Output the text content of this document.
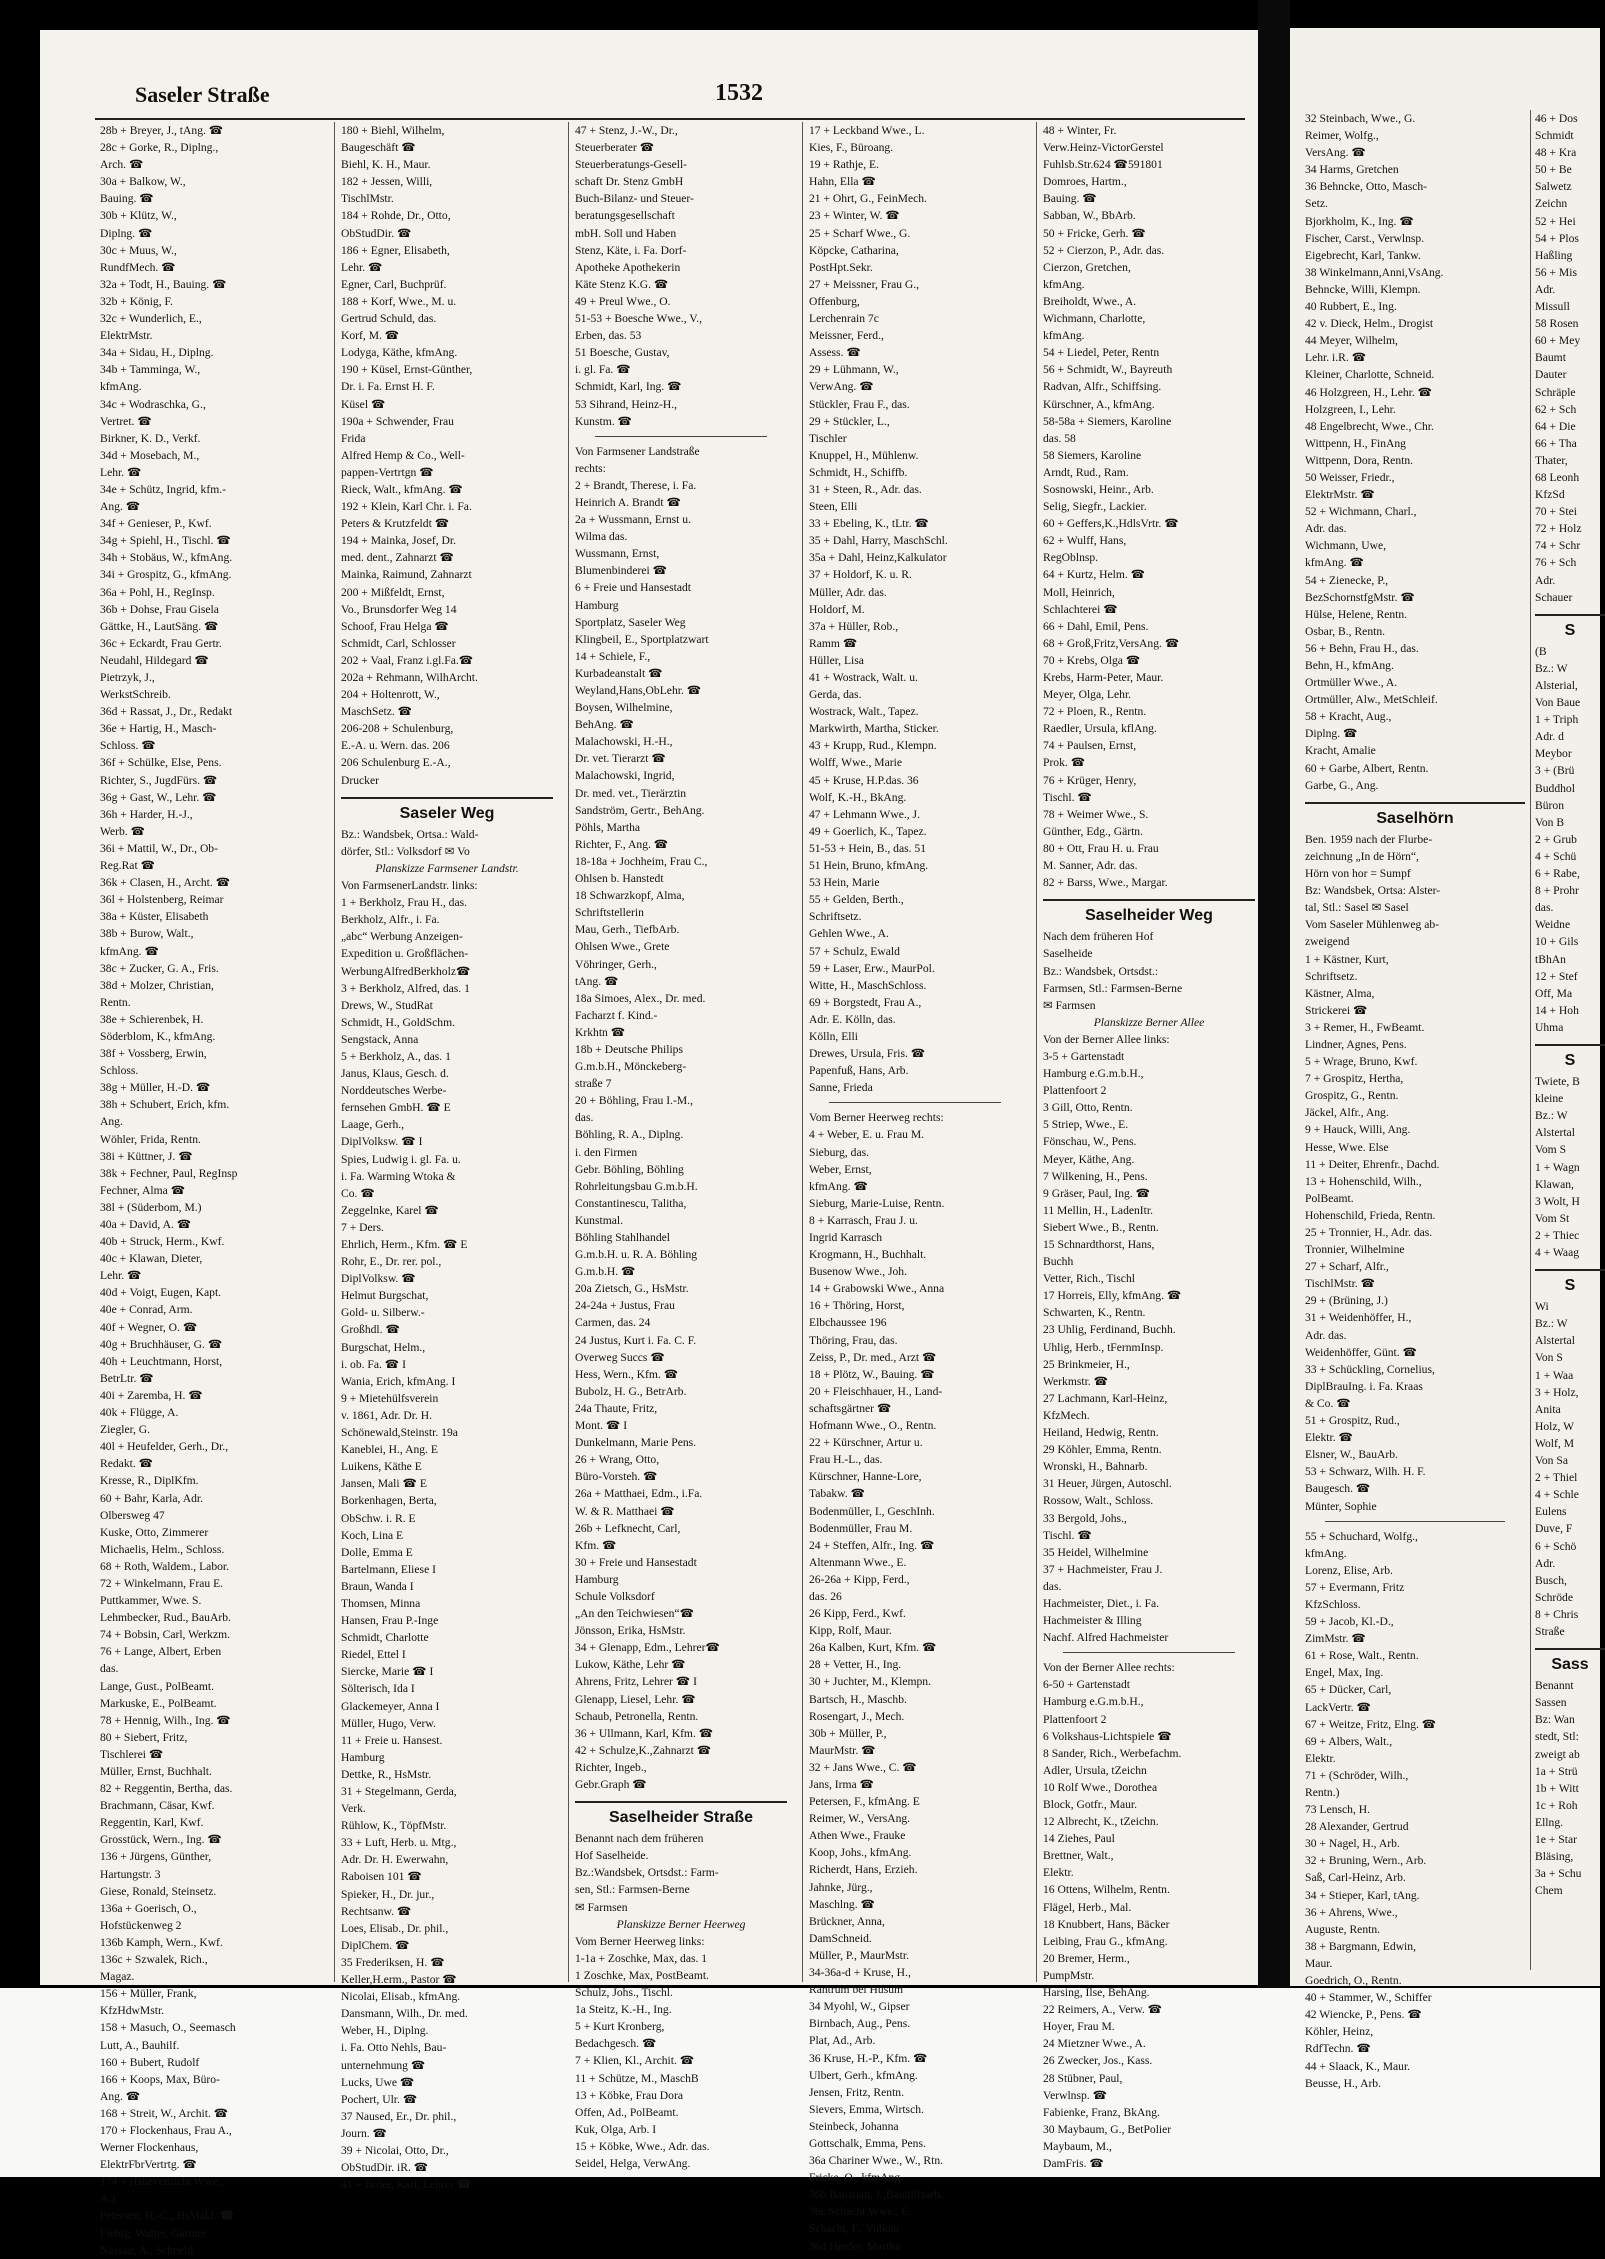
Saseler Straße	1532
28b + Breyer, J., tAng. ☎
28c + Gorke, R., Diplng.,
Arch. ☎
30a + Balkow, W.,
Bauing. ☎
30b + Klütz, W.,
Diplng. ☎
30c + Muus, W.,
RundfMech. ☎
32a + Todt, H., Bauing. ☎
32b + König, F.
32c + Wunderlich, E.,
ElektrMstr.
34a + Sidau, H., Diplng.
34b + Tamminga, W.,
kfmAng.
34c + Wodraschka, G.,
Vertret. ☎
Birkner, K. D., Verkf.
34d + Mosebach, M.,
Lehr. ☎
34e + Schütz, Ingrid, kfm.-
Ang. ☎
34f + Genieser, P., Kwf.
34g + Spiehl, H., Tischl. ☎
34h + Stobäus, W., kfmAng.
34i + Grospitz, G., kfmAng.
36a + Pohl, H., RegInsp.
36b + Dohse, Frau Gisela
Gättke, H., LautSäng. ☎
36c + Eckardt, Frau Gertr.
Neudahl, Hildegard ☎
Pietrzyk, J.,
WerkstSchreib.
36d + Rassat, J., Dr., Redakt
36e + Hartig, H., Masch-
Schloss. ☎
36f + Schülke, Else, Pens.
Richter, S., JugdFürs. ☎
36g + Gast, W., Lehr. ☎
36h + Harder, H.-J.,
Werb. ☎
36i + Mattil, W., Dr., Ob-
Reg.Rat ☎
36k + Clasen, H., Archt. ☎
36l + Holstenberg, Reimar
38a + Küster, Elisabeth
38b + Burow, Walt.,
kfmAng. ☎
38c + Zucker, G. A., Fris.
38d + Molzer, Christian,
Rentn.
38e + Schierenbek, H.
Söderblom, K., kfmAng.
38f + Vossberg, Erwin,
Schloss.
38g + Müller, H.-D. ☎
38h + Schubert, Erich, kfm.
Ang.
Wöhler, Frida, Rentn.
38i + Küttner, J. ☎
38k + Fechner, Paul, RegInsp
Fechner, Alma ☎
38l + (Süderbom, M.)
40a + David, A. ☎
40b + Struck, Herm., Kwf.
40c + Klawan, Dieter,
Lehr. ☎
40d + Voigt, Eugen, Kapt.
40e + Conrad, Arm.
40f + Wegner, O. ☎
40g + Bruchhäuser, G. ☎
40h + Leuchtmann, Horst,
BetrLtr. ☎
40i + Zaremba, H. ☎
40k + Flügge, A.
Ziegler, G.
40l + Heufelder, Gerh., Dr.,
Redakt. ☎
Kresse, R., DiplKfm.
60 + Bahr, Karla, Adr.
Olbersweg 47
Kuske, Otto, Zimmerer
Michaelis, Helm., Schloss.
68 + Roth, Waldem., Labor.
72 + Winkelmann, Frau E.
Puttkammer, Wwe. S.
Lehmbecker, Rud., BauArb.
74 + Bobsin, Carl, Werkzm.
76 + Lange, Albert, Erben
das.
Lange, Gust., PolBeamt.
Markuske, E., PolBeamt.
78 + Hennig, Wilh., Ing. ☎
80 + Siebert, Fritz,
Tischlerei ☎
Müller, Ernst, Buchhalt.
82 + Reggentin, Bertha, das.
Brachmann, Cäsar, Kwf.
Reggentin, Karl, Kwf.
Grosstück, Wern., Ing. ☎
136 + Jürgens, Günther,
Hartungstr. 3
Giese, Ronald, Steinsetz.
136a + Goerisch, O.,
Hofstückenweg 2
136b Kamph, Wern., Kwf.
136c + Szwalek, Rich.,
Magaz.
156 + Müller, Frank,
KfzHdwMstr.
158 + Masuch, O., Seemasch
Lutt, A., Bauhilf.
160 + Bubert, Rudolf
166 + Koops, Max, Büro-
Ang. ☎
168 + Streit, W., Archit. ☎
170 + Flockenhaus, Frau A.,
Werner Flockenhaus,
ElektrFbrVertrtg. ☎
174 + (Blievernicht Wwe.,
A.)
Petersen, H.-C., HsMakl. ☎
Fiebig, Walter, Gärtner
Nassau, A., Schneid.
180 + Biehl, Wilhelm,
Baugeschäft ☎
Biehl, K. H., Maur.
182 + Jessen, Willi,
TischlMstr.
184 + Rohde, Dr., Otto,
ObStudDir. ☎
186 + Egner, Elisabeth,
Lehr. ☎
Egner, Carl, Buchprüf.
188 + Korf, Wwe., M. u.
Gertrud Schuld, das.
Korf, M. ☎
Lodyga, Käthe, kfmAng.
190 + Küsel, Ernst-Günther,
Dr. i. Fa. Ernst H. F.
Küsel ☎
190a + Schwender, Frau
Frida
Alfred Hemp & Co., Well-
pappen-Vertrtgn ☎
Rieck, Walt., kfmAng. ☎
192 + Klein, Karl Chr. i. Fa.
Peters & Krutzfeldt ☎
194 + Mainka, Josef, Dr.
med. dent., Zahnarzt ☎
Mainka, Raimund, Zahnarzt
200 + Mißfeldt, Ernst,
Vo., Brunsdorfer Weg 14
Schoof, Frau Helga ☎
Schmidt, Carl, Schlosser
202 + Vaal, Franz i.gl.Fa.☎
202a + Rehmann, WilhArcht.
204 + Holtenrott, W.,
MaschSetz. ☎
206-208 + Schulenburg,
E.-A. u. Wern. das. 206
206 Schulenburg E.-A.,
Drucker
Saseler Weg
Bz.: Wandsbek, Ortsa.: Wald-
dörfer, Stl.: Volksdorf ✉ Vo
Planskizze Farmsener Landstr.
Von FarmsenerLandstr. links:
1 + Berkholz, Frau H., das.
Berkholz, Alfr., i. Fa.
„abc“ Werbung Anzeigen-
Expedition u. Großflächen-
WerbungAlfredBerkholz☎
3 + Berkholz, Alfred, das. 1
Drews, W., StudRat
Schmidt, H., GoldSchm.
Sengstack, Anna
5 + Berkholz, A., das. 1
Janus, Klaus, Gesch. d.
Norddeutsches Werbe-
fernsehen GmbH. ☎ E
Laage, Gerh.,
DiplVolksw. ☎ I
Spies, Ludwig i. gl. Fa. u.
i. Fa. Warming Wtoka &
Co. ☎
Zeggelnke, Karel ☎
7 + Ders.
Ehrlich, Herm., Kfm. ☎ E
Rohr, E., Dr. rer. pol.,
DiplVolksw. ☎
Helmut Burgschat,
Gold- u. Silberw.-
Großhdl. ☎
Burgschat, Helm.,
i. ob. Fa. ☎ I
Wania, Erich, kfmAng. I
9 + Mietehülfsverein
v. 1861, Adr. Dr. H.
Schönewald,Steinstr. 19a
Kaneblei, H., Ang. E
Luikens, Käthe E
Jansen, Mali ☎ E
Borkenhagen, Berta,
ObSchw. i. R. E
Koch, Lina E
Dolle, Emma E
Bartelmann, Eliese I
Braun, Wanda I
Thomsen, Minna
Hansen, Frau P.-Inge
Schmidt, Charlotte
Riedel, Ettel I
Siercke, Marie ☎ I
Sölterisch, Ida I
Glackemeyer, Anna I
Müller, Hugo, Verw.
11 + Freie u. Hansest.
Hamburg
Dettke, R., HsMstr.
31 + Stegelmann, Gerda,
Verk.
Rühlow, K., TöpfMstr.
33 + Luft, Herb. u. Mtg.,
Adr. Dr. H. Ewerwahn,
Raboisen 101 ☎
Spieker, H., Dr. jur.,
Rechtsanw. ☎
Loes, Elisab., Dr. phil.,
DiplChem. ☎
35 Frederiksen, H. ☎
Keller,H.erm., Pastor ☎
Nicolai, Elisab., kfmAng.
Dansmann, Wilh., Dr. med.
Weber, H., Diplng.
i. Fa. Otto Nehls, Bau-
unternehmung ☎
Lucks, Uwe ☎
Pochert, Ulr. ☎
37 Naused, Er., Dr. phil.,
Journ. ☎
39 + Nicolai, Otto, Dr.,
ObStudDir. iR. ☎
41 + Bröer, Karl, Lehrer ☎
47 + Stenz, J.-W., Dr.,
Steuerberater ☎
Steuerberatungs-Gesell-
schaft Dr. Stenz GmbH
Buch-Bilanz- und Steuer-
beratungsgesellschaft
mbH. Soll und Haben
Stenz, Käte, i. Fa. Dorf-
Apotheke Apothekerin
Käte Stenz K.G. ☎
49 + Preul Wwe., O.
51-53 + Boesche Wwe., V.,
Erben, das. 53
51 Boesche, Gustav,
i. gl. Fa. ☎
Schmidt, Karl, Ing. ☎
53 Sihrand, Heinz-H.,
Kunstm. ☎
Von Farmsener Landstraße
rechts:
2 + Brandt, Therese, i. Fa.
Heinrich A. Brandt ☎
2a + Wussmann, Ernst u.
Wilma das.
Wussmann, Ernst,
Blumenbinderei ☎
6 + Freie und Hansestadt
Hamburg
Sportplatz, Saseler Weg
Klingbeil, E., Sportplatzwart
14 + Schiele, F.,
Kurbadeanstalt ☎
Weyland,Hans,ObLehr. ☎
Boysen, Wilhelmine,
BehAng. ☎
Malachowski, H.-H.,
Dr. vet. Tierarzt ☎
Malachowski, Ingrid,
Dr. med. vet., Tierärztin
Sandström, Gertr., BehAng.
Pöhls, Martha
Richter, F., Ang. ☎
18-18a + Jochheim, Frau C.,
Ohlsen b. Hanstedt
18 Schwarzkopf, Alma,
Schriftstellerin
Mau, Gerh., TiefbArb.
Ohlsen Wwe., Grete
Vöhringer, Gerh.,
tAng. ☎
18a Simoes, Alex., Dr. med.
Facharzt f. Kind.-
Krkhtn ☎
18b + Deutsche Philips
G.m.b.H., Mönckeberg-
straße 7
20 + Böhling, Frau I.-M.,
das.
Böhling, R. A., Diplng.
i. den Firmen
Gebr. Böhling, Böhling
Rohrleitungsbau G.m.b.H.
Constantinescu, Talitha,
Kunstmal.
Böhling Stahlhandel
G.m.b.H. u. R. A. Böhling
G.m.b.H. ☎
20a Zietsch, G., HsMstr.
24-24a + Justus, Frau
Carmen, das. 24
24 Justus, Kurt i. Fa. C. F.
Overweg Succs ☎
Hess, Wern., Kfm. ☎
Bubolz, H. G., BetrArb.
24a Thaute, Fritz,
Mont. ☎ I
Dunkelmann, Marie Pens.
26 + Wrang, Otto,
Büro-Vorsteh. ☎
26a + Matthaei, Edm., i.Fa.
W. & R. Matthaei ☎
26b + Lefknecht, Carl,
Kfm. ☎
30 + Freie und Hansestadt
Hamburg
Schule Volksdorf
„An den Teichwiesen“☎
Jönsson, Erika, HsMstr.
34 + Glenapp, Edm., Lehrer☎
Lukow, Käthe, Lehr ☎
Ahrens, Fritz, Lehrer ☎ I
Glenapp, Liesel, Lehr. ☎
Schaub, Petronella, Rentn.
36 + Ullmann, Karl, Kfm. ☎
42 + Schulze,K.,Zahnarzt ☎
Richter, Ingeb.,
Gebr.Graph ☎
Saselheider Straße
Benannt nach dem früheren
Hof Saselheide.
Bz.:Wandsbek, Ortsdst.: Farm-
sen, Stl.: Farmsen-Berne
✉ Farmsen
Planskizze Berner Heerweg
Vom Berner Heerweg links:
1-1a + Zoschke, Max, das. 1
1 Zoschke, Max, PostBeamt.
Schulz, Johs., Tischl.
1a Steitz, K.-H., Ing.
5 + Kurt Kronberg,
Bedachgesch. ☎
7 + Klien, Kl., Archit. ☎
11 + Schütze, M., MaschB
13 + Köbke, Frau Dora
Offen, Ad., PolBeamt.
Kuk, Olga, Arb. I
15 + Köbke, Wwe., Adr. das.
Seidel, Helga, VerwAng.
17 + Leckband Wwe., L.
Kies, F., Büroang.
19 + Rathje, E.
Hahn, Ella ☎
21 + Ohrt, G., FeinMech.
23 + Winter, W. ☎
25 + Scharf Wwe., G.
Köpcke, Catharina,
PostHpt.Sekr.
27 + Meissner, Frau G.,
Offenburg,
Lerchenrain 7c
Meissner, Ferd.,
Assess. ☎
29 + Lühmann, W.,
VerwAng. ☎
Stückler, Frau F., das.
29 + Stückler, L.,
Tischler
Knuppel, H., Mühlenw.
Schmidt, H., Schiffb.
31 + Steen, R., Adr. das.
Steen, Elli
33 + Ebeling, K., tLtr. ☎
35 + Dahl, Harry, MaschSchl.
35a + Dahl, Heinz,Kalkulator
37 + Holdorf, K. u. R.
Müller, Adr. das.
Holdorf, M.
37a + Hüller, Rob.,
Ramm ☎
Hüller, Lisa
41 + Wostrack, Walt. u.
Gerda, das.
Wostrack, Walt., Tapez.
Markwirth, Martha, Sticker.
43 + Krupp, Rud., Klempn.
Wolff, Wwe., Marie
45 + Kruse, H.P.das. 36
Wolf, K.-H., BkAng.
47 + Lehmann Wwe., J.
49 + Goerlich, K., Tapez.
51-53 + Hein, B., das. 51
51 Hein, Bruno, kfmAng.
53 Hein, Marie
55 + Gelden, Berth.,
Schriftsetz.
Gehlen Wwe., A.
57 + Schulz, Ewald
59 + Laser, Erw., MaurPol.
Witte, H., MaschSchloss.
69 + Borgstedt, Frau A.,
Adr. E. Kölln, das.
Kölln, Elli
Drewes, Ursula, Fris. ☎
Papenfuß, Hans, Arb.
Sanne, Frieda
Vom Berner Heerweg rechts:
4 + Weber, E. u. Frau M.
Sieburg, das.
Weber, Ernst,
kfmAng. ☎
Sieburg, Marie-Luise, Rentn.
8 + Karrasch, Frau J. u.
Ingrid Karrasch
Krogmann, H., Buchhalt.
Busenow Wwe., Joh.
14 + Grabowski Wwe., Anna
16 + Thöring, Horst,
Elbchaussee 196
Thöring, Frau, das.
Zeiss, P., Dr. med., Arzt ☎
18 + Plötz, W., Bauing. ☎
20 + Fleischhauer, H., Land-
schaftsgärtner ☎
Hofmann Wwe., O., Rentn.
22 + Kürschner, Artur u.
Frau H.-L., das.
Kürschner, Hanne-Lore,
Tabakw. ☎
Bodenmüller, I., GeschInh.
Bodenmüller, Frau M.
24 + Steffen, Alfr., Ing. ☎
Altenmann Wwe., E.
26-26a + Kipp, Ferd.,
das. 26
26 Kipp, Ferd., Kwf.
Kipp, Rolf, Maur.
26a Kalben, Kurt, Kfm. ☎
28 + Vetter, H., Ing.
30 + Juchter, M., Klempn.
Bartsch, H., Maschb.
Rosengart, J., Mech.
30b + Müller, P.,
MaurMstr. ☎
32 + Jans Wwe., C. ☎
Jans, Irma ☎
Petersen, F., kfmAng. E
Reimer, W., VersAng.
Athen Wwe., Frauke
Koop, Johs., kfmAng.
Richerdt, Hans, Erzieh.
Jahnke, Jürg.,
Maschlng. ☎
Brückner, Anna,
DamSchneid.
Müller, P., MaurMstr.
34-36a-d + Kruse, H.,
Rantrum bei Husum
34 Myohl, W., Gipser
Birnbach, Aug., Pens.
Plat, Ad., Arb.
36 Kruse, H.-P., Kfm. ☎
Ulbert, Gerh., kfmAng.
Jensen, Fritz, Rentn.
Sievers, Emma, Wirtsch.
Steinbeck, Johanna
Gottschalk, Emma, Pens.
36a Chariner Wwe., W., Rtn.
Fricke, O., kfmAng.
36b Baustian, J.,Bauhilfsarb.
36c Schacht Wwe., E.
Schacht, F., Vulkan
36d Herder, Martha
48 + Winter, Fr.
Verw.Heinz-VictorGerstel
Fuhlsb.Str.624 ☎591801
Domroes, Hartm.,
Bauing. ☎
Sabban, W., BbArb.
50 + Fricke, Gerh. ☎
52 + Cierzon, P., Adr. das.
Cierzon, Gretchen,
kfmAng.
Breiholdt, Wwe., A.
Wichmann, Charlotte,
kfmAng.
54 + Liedel, Peter, Rentn
56 + Schmidt, W., Bayreuth
Radvan, Alfr., Schiffsing.
Kürschner, A., kfmAng.
58-58a + Siemers, Karoline
das. 58
58 Siemers, Karoline
Arndt, Rud., Ram.
Sosnowski, Heinr., Arb.
Selig, Siegfr., Lackier.
60 + Geffers,K.,HdlsVrtr. ☎
62 + Wulff, Hans,
RegOblnsp.
64 + Kurtz, Helm. ☎
Moll, Heinrich,
Schlachterei ☎
66 + Dahl, Emil, Pens.
68 + Groß,Fritz,VersAng. ☎
70 + Krebs, Olga ☎
Krebs, Harm-Peter, Maur.
Meyer, Olga, Lehr.
72 + Ploen, R., Rentn.
Raedler, Ursula, kflAng.
74 + Paulsen, Ernst,
Prok. ☎
76 + Krüger, Henry,
Tischl. ☎
78 + Weimer Wwe., S.
Günther, Edg., Gärtn.
80 + Ott, Frau H. u. Frau
M. Sanner, Adr. das.
82 + Barss, Wwe., Margar.
Saselheider Weg
Nach dem früheren Hof
Saselheide
Bz.: Wandsbek, Ortsdst.:
Farmsen, Stl.: Farmsen-Berne
✉ Farmsen
Planskizze Berner Allee
Von der Berner Allee links:
3-5 + Gartenstadt
Hamburg e.G.m.b.H.,
Plattenfoort 2
3 Gill, Otto, Rentn.
5 Striep, Wwe., E.
Fönschau, W., Pens.
Meyer, Käthe, Ang.
7 Wilkening, H., Pens.
9 Gräser, Paul, Ing. ☎
11 Mellin, H., LadenItr.
Siebert Wwe., B., Rentn.
15 Schnardthorst, Hans,
Buchh
Vetter, Rich., Tischl
17 Horreis, Elly, kfmAng. ☎
Schwarten, K., Rentn.
23 Uhlig, Ferdinand, Buchh.
Uhlig, Herb., tFernmInsp.
25 Brinkmeier, H.,
Werkmstr. ☎
27 Lachmann, Karl-Heinz,
KfzMech.
Heiland, Hedwig, Rentn.
29 Köhler, Emma, Rentn.
Wronski, H., Bahnarb.
31 Heuer, Jürgen, Autoschl.
Rossow, Walt., Schloss.
33 Bergold, Johs.,
Tischl. ☎
35 Heidel, Wilhelmine
37 + Hachmeister, Frau J.
das.
Hachmeister, Diet., i. Fa.
Hachmeister & Illing
Nachf. Alfred Hachmeister
Von der Berner Allee rechts:
6-50 + Gartenstadt
Hamburg e.G.m.b.H.,
Plattenfoort 2
6 Volkshaus-Lichtspiele ☎
8 Sander, Rich., Werbefachm.
Adler, Ursula, tZeichn
10 Rolf Wwe., Dorothea
Block, Gotfr., Maur.
12 Albrecht, K., tZeichn.
14 Ziehes, Paul
Brettner, Walt.,
Elektr.
16 Ottens, Wilhelm, Rentn.
Flägel, Herb., Mal.
18 Knubbert, Hans, Bäcker
Leibing, Frau G., kfmAng.
20 Bremer, Herm.,
PumpMstr.
Harsing, Ilse, BehAng.
22 Reimers, A., Verw. ☎
Hoyer, Frau M.
24 Mietzner Wwe., A.
26 Zwecker, Jos., Kass.
28 Stübner, Paul,
Verwlnsp. ☎
Fabienke, Franz, BkAng.
30 Maybaum, G., BetPolier
Maybaum, M.,
DamFris. ☎
32 Steinbach, Wwe., G.
Reimer, Wolfg.,
VersAng. ☎
34 Harms, Gretchen
36 Behncke, Otto, Masch-
Setz.
Bjorkholm, K., Ing. ☎
Fischer, Carst., Verwlnsp.
Eigebrecht, Karl, Tankw.
38 Winkelmann,Anni,VsAng.
Behncke, Willi, Klempn.
40 Rubbert, E., Ing.
42 v. Dieck, Helm., Drogist
44 Meyer, Wilhelm,
Lehr. i.R. ☎
Kleiner, Charlotte, Schneid.
46 Holzgreen, H., Lehr. ☎
Holzgreen, I., Lehr.
48 Engelbrecht, Wwe., Chr.
Wittpenn, H., FinAng
Wittpenn, Dora, Rentn.
50 Weisser, Friedr.,
ElektrMstr. ☎
52 + Wichmann, Charl.,
Adr. das.
Wichmann, Uwe,
kfmAng. ☎
54 + Zienecke, P.,
BezSchornstfgMstr. ☎
Hülse, Helene, Rentn.
Osbar, B., Rentn.
56 + Behn, Frau H., das.
Behn, H., kfmAng.
Ortmüller Wwe., A.
Ortmüller, Alw., MetSchleif.
58 + Kracht, Aug.,
Diplng. ☎
Kracht, Amalie
60 + Garbe, Albert, Rentn.
Garbe, G., Ang.
Saselhörn
Ben. 1959 nach der Flurbe-
zeichnung „In de Hörn“,
Hörn von hor = Sumpf
Bz: Wandsbek, Ortsa: Alster-
tal, Stl.: Sasel ✉ Sasel
Vom Saseler Mühlenweg ab-
zweigend
1 + Kästner, Kurt,
Schriftsetz.
Kästner, Alma,
Strickerei ☎
3 + Remer, H., FwBeamt.
Lindner, Agnes, Pens.
5 + Wrage, Bruno, Kwf.
7 + Grospitz, Hertha,
Grospitz, G., Rentn.
Jäckel, Alfr., Ang.
9 + Hauck, Willi, Ang.
Hesse, Wwe. Else
11 + Deiter, Ehrenfr., Dachd.
13 + Hohenschild, Wilh.,
PolBeamt.
Hohenschild, Frieda, Rentn.
25 + Tronnier, H., Adr. das.
Tronnier, Wilhelmine
27 + Scharf, Alfr.,
TischlMstr. ☎
29 + (Brüning, J.)
31 + Weidenhöffer, H.,
Adr. das.
Weidenhöffer, Günt. ☎
33 + Schückling, Cornelius,
DiplBrauIng. i. Fa. Kraas
& Co. ☎
51 + Grospitz, Rud.,
Elektr. ☎
Elsner, W., BauArb.
53 + Schwarz, Wilh. H. F.
Baugesch. ☎
Münter, Sophie
55 + Schuchard, Wolfg.,
kfmAng.
Lorenz, Elise, Arb.
57 + Evermann, Fritz
KfzSchloss.
59 + Jacob, Kl.-D.,
ZimMstr. ☎
61 + Rose, Walt., Rentn.
Engel, Max, Ing.
65 + Dücker, Carl,
LackVertr. ☎
67 + Weitze, Fritz, Elng. ☎
69 + Albers, Walt.,
Elektr.
71 + (Schröder, Wilh.,
Rentn.)
73 Lensch, H.
28 Alexander, Gertrud
30 + Nagel, H., Arb.
32 + Bruning, Wern., Arb.
Saß, Carl-Heinz, Arb.
34 + Stieper, Karl, tAng.
36 + Ahrens, Wwe.,
Auguste, Rentn.
38 + Bargmann, Edwin,
Maur.
Goedrich, O., Rentn.
40 + Stammer, W., Schiffer
42 Wiencke, P., Pens. ☎
Köhler, Heinz,
RdfTechn. ☎
44 + Slaack, K., Maur.
Beusse, H., Arb.
46 + Dos
Schmidt
48 + Kra
50 + Be
Salwetz
Zeichn
52 + Hei
54 + Plos
Haßling
56 + Mis
Adr.
Missull
58 Rosen
60 + Mey
Baumt
Dauter
Schräple
62 + Sch
64 + Die
66 + Tha
Thater,
68 Leonh
KfzSd
70 + Stei
72 + Holz
74 + Schr
76 + Sch
Adr.
Schauer
S
(B
Bz.: W
Alsterial,
Von Baue
1 + Triph
Adr. d
Meybor
3 + (Brü
Buddhol
Büron
Von B
2 + Grub
4 + Schü
6 + Rabe,
8 + Prohr
das.
Weidne
10 + Gils
tBhAn
12 + Stef
Off, Ma
14 + Hoh
Uhma
S
Twiete, B
kleine
Bz.: W
Alstertal
Vom S
1 + Wagn
Klawan,
3 Wolt, H
Vom St
2 + Thiec
4 + Waag
S
Wi
Bz.: W
Alstertal
Von S
1 + Waa
3 + Holz,
Anita
Holz, W
Wolf, M
Von Sa
2 + Thiel
4 + Schle
Eulens
Duve, F
6 + Schö
Adr.
Busch,
Schröde
8 + Chris
Straße
Sass
Benannt
Sassen
Bz: Wan
stedt, Stl:
zweigt ab
1a + Strü
1b + Witt
1c + Roh
Ellng.
1e + Star
Bläsing,
3a + Schu
Chem
